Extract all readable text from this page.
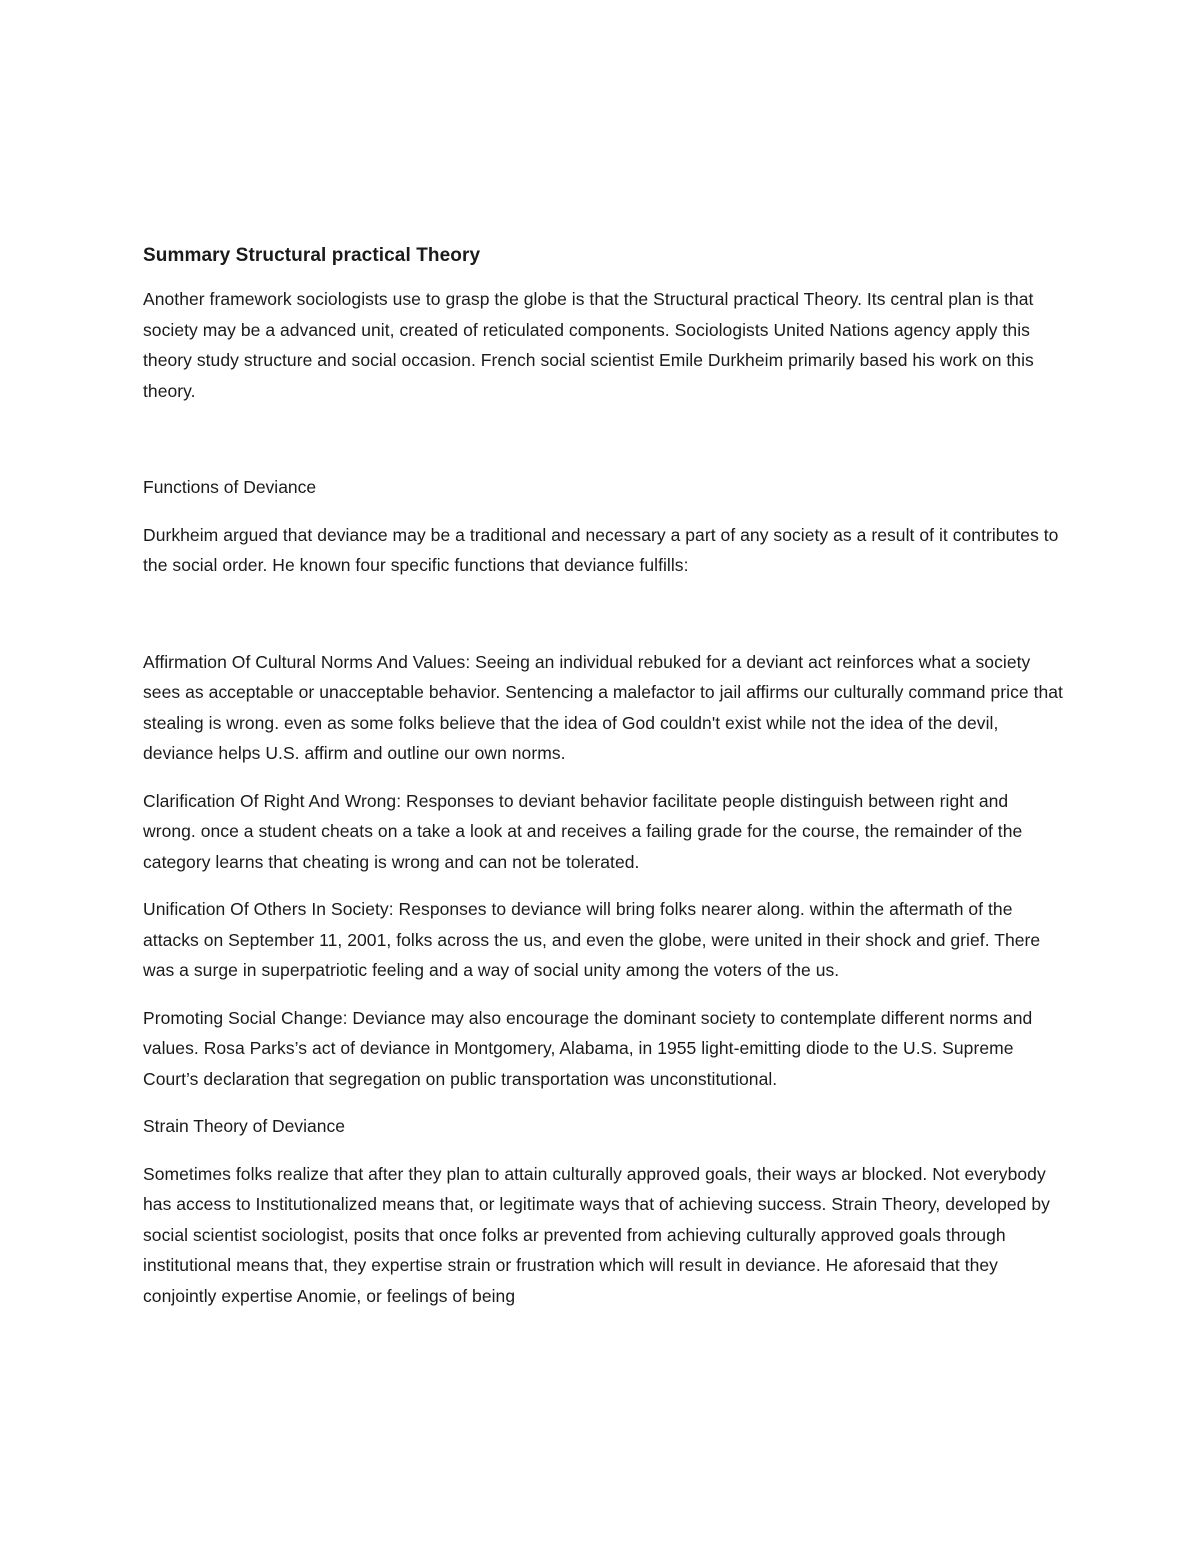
Summary Structural practical Theory

Another framework sociologists use to grasp the globe is that the Structural practical Theory. Its central plan is that society may be a advanced unit, created of reticulated components. Sociologists United Nations agency apply this theory study structure and social occasion. French social scientist Emile Durkheim primarily based his work on this theory.

Functions of Deviance

Durkheim argued that deviance may be a traditional and necessary a part of any society as a result of it contributes to the social order. He known four specific functions that deviance fulfills:

Affirmation Of Cultural Norms And Values: Seeing an individual rebuked for a deviant act reinforces what a society sees as acceptable or unacceptable behavior. Sentencing a malefactor to jail affirms our culturally command price that stealing is wrong. even as some folks believe that the idea of God couldn't exist while not the idea of the devil, deviance helps U.S. affirm and outline our own norms.

Clarification Of Right And Wrong: Responses to deviant behavior facilitate people distinguish between right and wrong. once a student cheats on a take a look at and receives a failing grade for the course, the remainder of the category learns that cheating is wrong and can not be tolerated.

Unification Of Others In Society: Responses to deviance will bring folks nearer along. within the aftermath of the attacks on September 11, 2001, folks across the us, and even the globe, were united in their shock and grief. There was a surge in superpatriotic feeling and a way of social unity among the voters of the us.

Promoting Social Change: Deviance may also encourage the dominant society to contemplate different norms and values. Rosa Parks’s act of deviance in Montgomery, Alabama, in 1955 light-emitting diode to the U.S. Supreme Court’s declaration that segregation on public transportation was unconstitutional.

Strain Theory of Deviance

Sometimes folks realize that after they plan to attain culturally approved goals, their ways ar blocked. Not everybody has access to Institutionalized means that, or legitimate ways that of achieving success. Strain Theory, developed by social scientist sociologist, posits that once folks ar prevented from achieving culturally approved goals through institutional means that, they expertise strain or frustration which will result in deviance. He aforesaid that they conjointly expertise Anomie, or feelings of being
